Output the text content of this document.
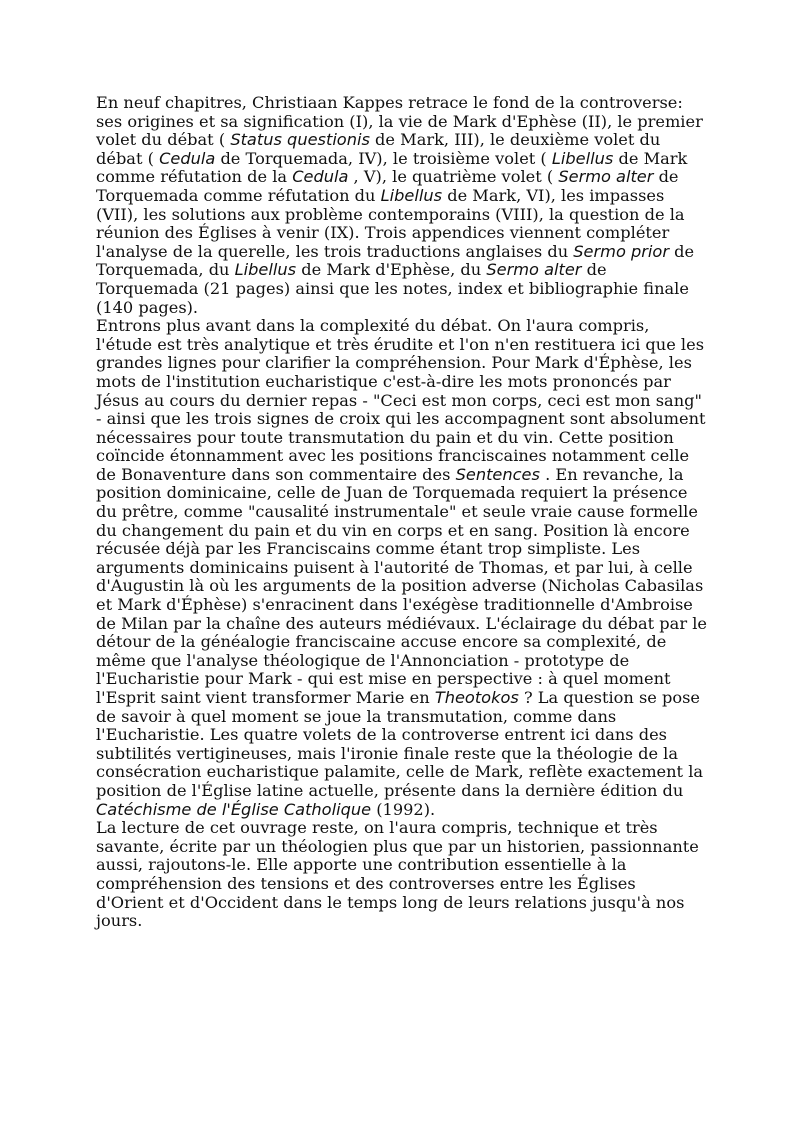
En neuf chapitres, Christiaan Kappes retrace le fond de la controverse: ses origines et sa signification (I), la vie de Mark d'Ephèse (II), le premier volet du débat ( Status questionis de Mark, III), le deuxième volet du débat ( Cedula de Torquemada, IV), le troisième volet ( Libellus de Mark comme réfutation de la Cedula , V), le quatrième volet ( Sermo alter de Torquemada comme réfutation du Libellus de Mark, VI), les impasses (VII), les solutions aux problème contemporains (VIII), la question de la réunion des Églises à venir (IX). Trois appendices viennent compléter l'analyse de la querelle, les trois traductions anglaises du Sermo prior de Torquemada, du Libellus de Mark d'Ephèse, du Sermo alter de Torquemada (21 pages) ainsi que les notes, index et bibliographie finale (140 pages).

Entrons plus avant dans la complexité du débat. On l'aura compris, l'étude est très analytique et très érudite et l'on n'en restituera ici que les grandes lignes pour clarifier la compréhension. Pour Mark d'Éphèse, les mots de l'institution eucharistique c'est-à-dire les mots prononcés par Jésus au cours du dernier repas - "Ceci est mon corps, ceci est mon sang" - ainsi que les trois signes de croix qui les accompagnent sont absolument nécessaires pour toute transmutation du pain et du vin. Cette position coïncide étonnamment avec les positions franciscaines notamment celle de Bonaventure dans son commentaire des Sentences . En revanche, la position dominicaine, celle de Juan de Torquemada requiert la présence du prêtre, comme "causalité instrumentale" et seule vraie cause formelle du changement du pain et du vin en corps et en sang. Position là encore récusée déjà par les Franciscains comme étant trop simpliste. Les arguments dominicains puisent à l'autorité de Thomas, et par lui, à celle d'Augustin là où les arguments de la position adverse (Nicholas Cabasilas et Mark d'Éphèse) s'enracinent dans l'exégèse traditionnelle d'Ambroise de Milan par la chaîne des auteurs médiévaux. L'éclairage du débat par le détour de la généalogie franciscaine accuse encore sa complexité, de même que l'analyse théologique de l'Annonciation - prototype de l'Eucharistie pour Mark - qui est mise en perspective : à quel moment l'Esprit saint vient transformer Marie en Theotokos ? La question se pose de savoir à quel moment se joue la transmutation, comme dans l'Eucharistie. Les quatre volets de la controverse entrent ici dans des subtilités vertigineuses, mais l'ironie finale reste que la théologie de la consécration eucharistique palamite, celle de Mark, reflète exactement la position de l'Église latine actuelle, présente dans la dernière édition du Catéchisme de l'Église Catholique (1992).

La lecture de cet ouvrage reste, on l'aura compris, technique et très savante, écrite par un théologien plus que par un historien, passionnante aussi, rajoutons-le. Elle apporte une contribution essentielle à la compréhension des tensions et des controverses entre les Églises d'Orient et d'Occident dans le temps long de leurs relations jusqu'à nos jours.
